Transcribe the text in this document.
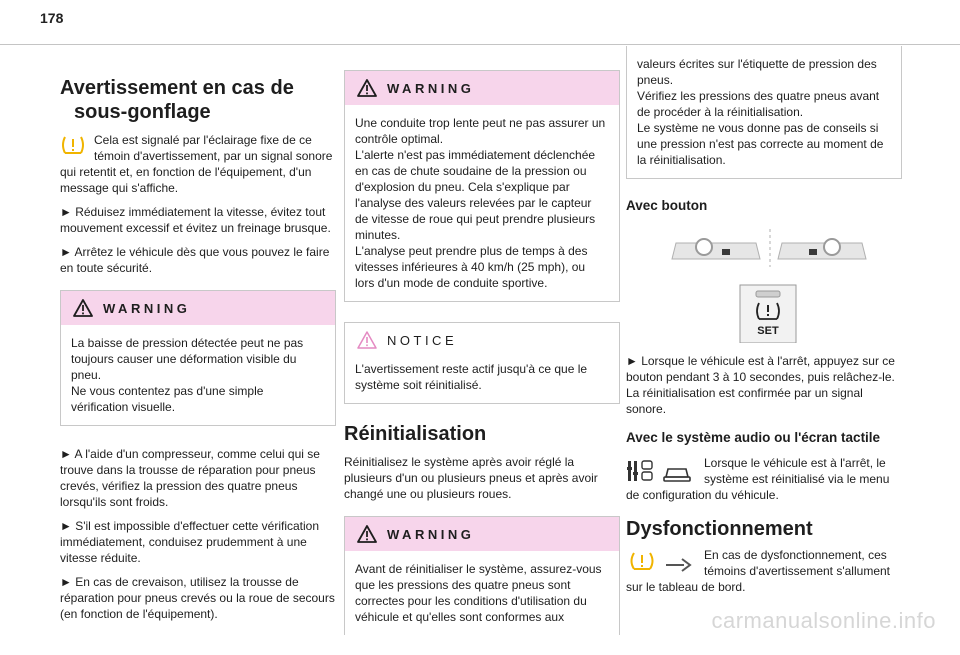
178
Avertissement en cas de
sous-gonflage

Cela est signalé par l'éclairage fixe de ce témoin d'avertissement, par un signal sonore qui retentit et, en fonction de l'équipement, d'un message qui s'affiche.

► Réduisez immédiatement la vitesse, évitez tout mouvement excessif et évitez un freinage brusque.

► Arrêtez le véhicule dès que vous pouvez le faire en toute sécurité.

WARNING

La baisse de pression détectée peut ne pas toujours causer une déformation visible du pneu.

Ne vous contentez pas d'une simple vérification visuelle.

► A l'aide d'un compresseur, comme celui qui se trouve dans la trousse de réparation pour pneus crevés, vérifiez la pression des quatre pneus lorsqu'ils sont froids.

► S'il est impossible d'effectuer cette vérification immédiatement, conduisez prudemment à une vitesse réduite.

► En cas de crevaison, utilisez la trousse de réparation pour pneus crevés ou la roue de secours (en fonction de l'équipement).

WARNING

Une conduite trop lente peut ne pas assurer un contrôle optimal.

L'alerte n'est pas immédiatement déclenchée en cas de chute soudaine de la pression ou d'explosion du pneu. Cela s'explique par l'analyse des valeurs relevées par le capteur de vitesse de roue qui peut prendre plusieurs minutes.

L'analyse peut prendre plus de temps à des vitesses inférieures à 40 km/h (25 mph), ou lors d'un mode de conduite sportive.

NOTICE

L'avertissement reste actif jusqu'à ce que le système soit réinitialisé.

Réinitialisation

Réinitialisez le système après avoir réglé la plusieurs d'un ou plusieurs pneus et après avoir changé une ou plusieurs roues.

WARNING

Avant de réinitialiser le système, assurez-vous que les pressions des quatre pneus sont correctes pour les conditions d'utilisation du véhicule et qu'elles sont conformes aux

valeurs écrites sur l'étiquette de pression des pneus.

Vérifiez les pressions des quatre pneus avant de procéder à la réinitialisation.

Le système ne vous donne pas de conseils si une pression n'est pas correcte au moment de la réinitialisation.

Avec bouton
SET

► Lorsque le véhicule est à l'arrêt, appuyez sur ce bouton pendant 3 à 10 secondes, puis relâchez-le. La réinitialisation est confirmée par un signal sonore.

Avec le système audio ou l'écran tactile

Lorsque le véhicule est à l'arrêt, le système est réinitialisé via le menu de configuration du véhicule.

Dysfonctionnement

En cas de dysfonctionnement, ces témoins d'avertissement s'allument sur le tableau de bord.

carmanualsonline.info
